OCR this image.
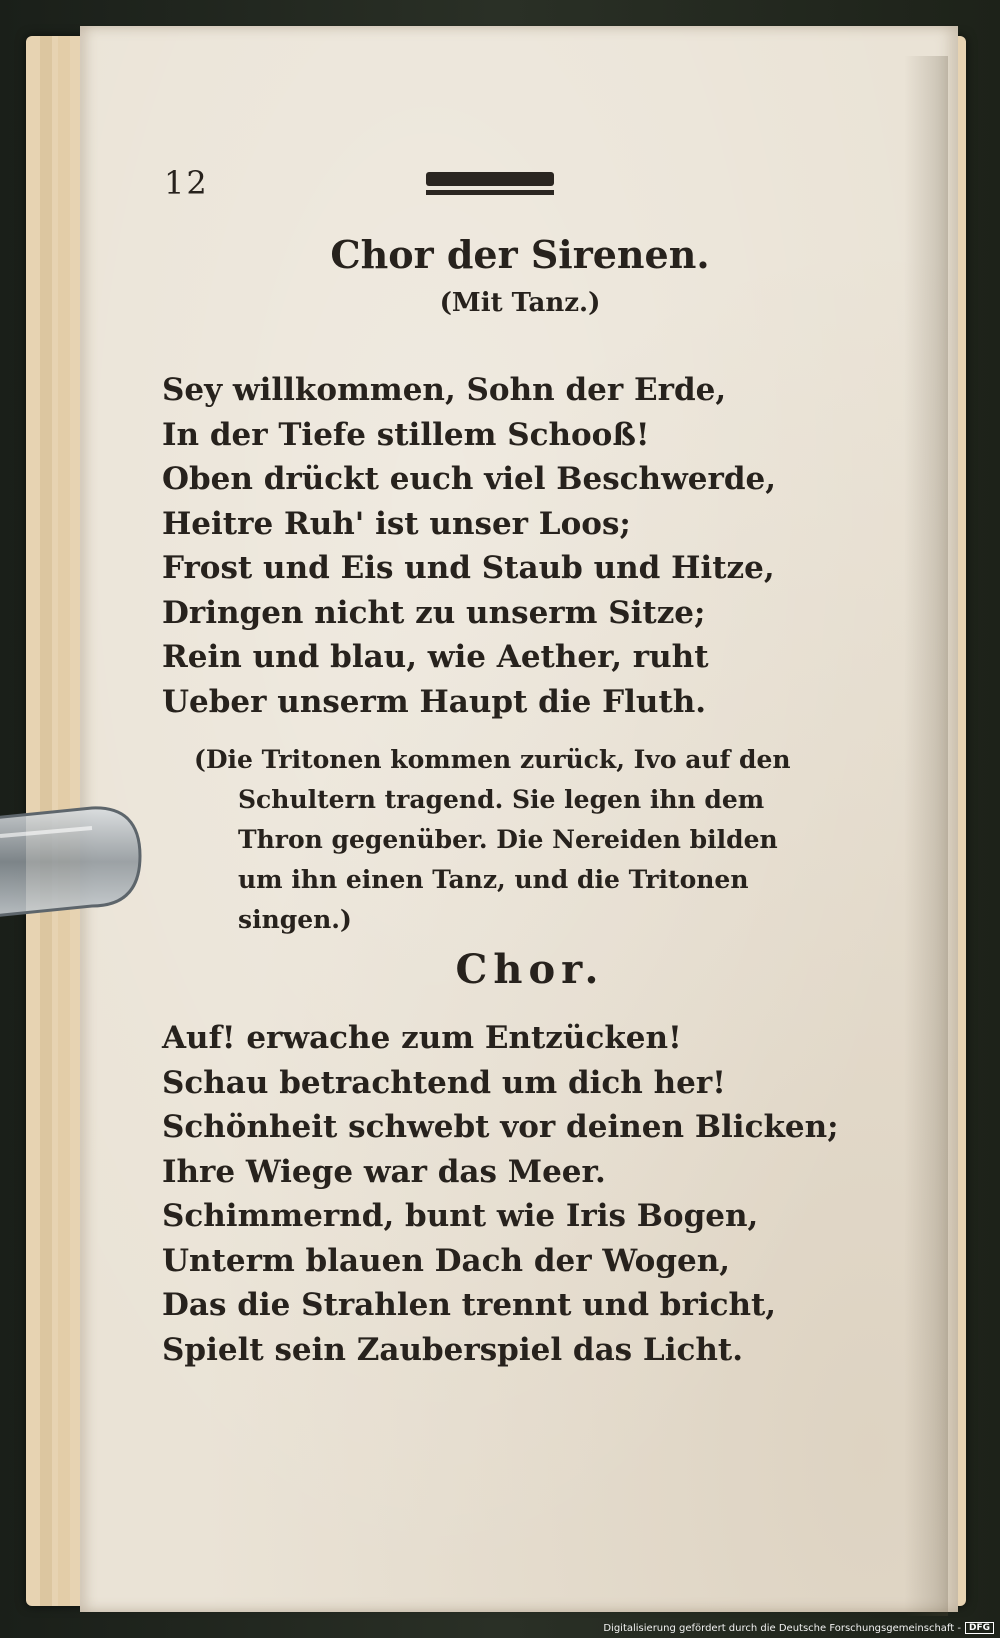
12
Chor der Sirenen.
(Mit Tanz.)
Sey willkommen, Sohn der Erde,
In der Tiefe stillem Schooß!
Oben drückt euch viel Beschwerde,
Heitre Ruh' ist unser Loos;
Frost und Eis und Staub und Hitze,
Dringen nicht zu unserm Sitze;
Rein und blau, wie Aether, ruht
Ueber unserm Haupt die Fluth.
(Die Tritonen kommen zurück, Ivo auf den
Schultern tragend. Sie legen ihn dem
Thron gegenüber. Die Nereiden bilden
um ihn einen Tanz, und die Tritonen
singen.)
Chor.
Auf! erwache zum Entzücken!
Schau betrachtend um dich her!
Schönheit schwebt vor deinen Blicken;
Ihre Wiege war das Meer.
Schimmernd, bunt wie Iris Bogen,
Unterm blauen Dach der Wogen,
Das die Strahlen trennt und bricht,
Spielt sein Zauberspiel das Licht.
Digitalisierung gefördert durch die Deutsche Forschungsgemeinschaft - DFG
